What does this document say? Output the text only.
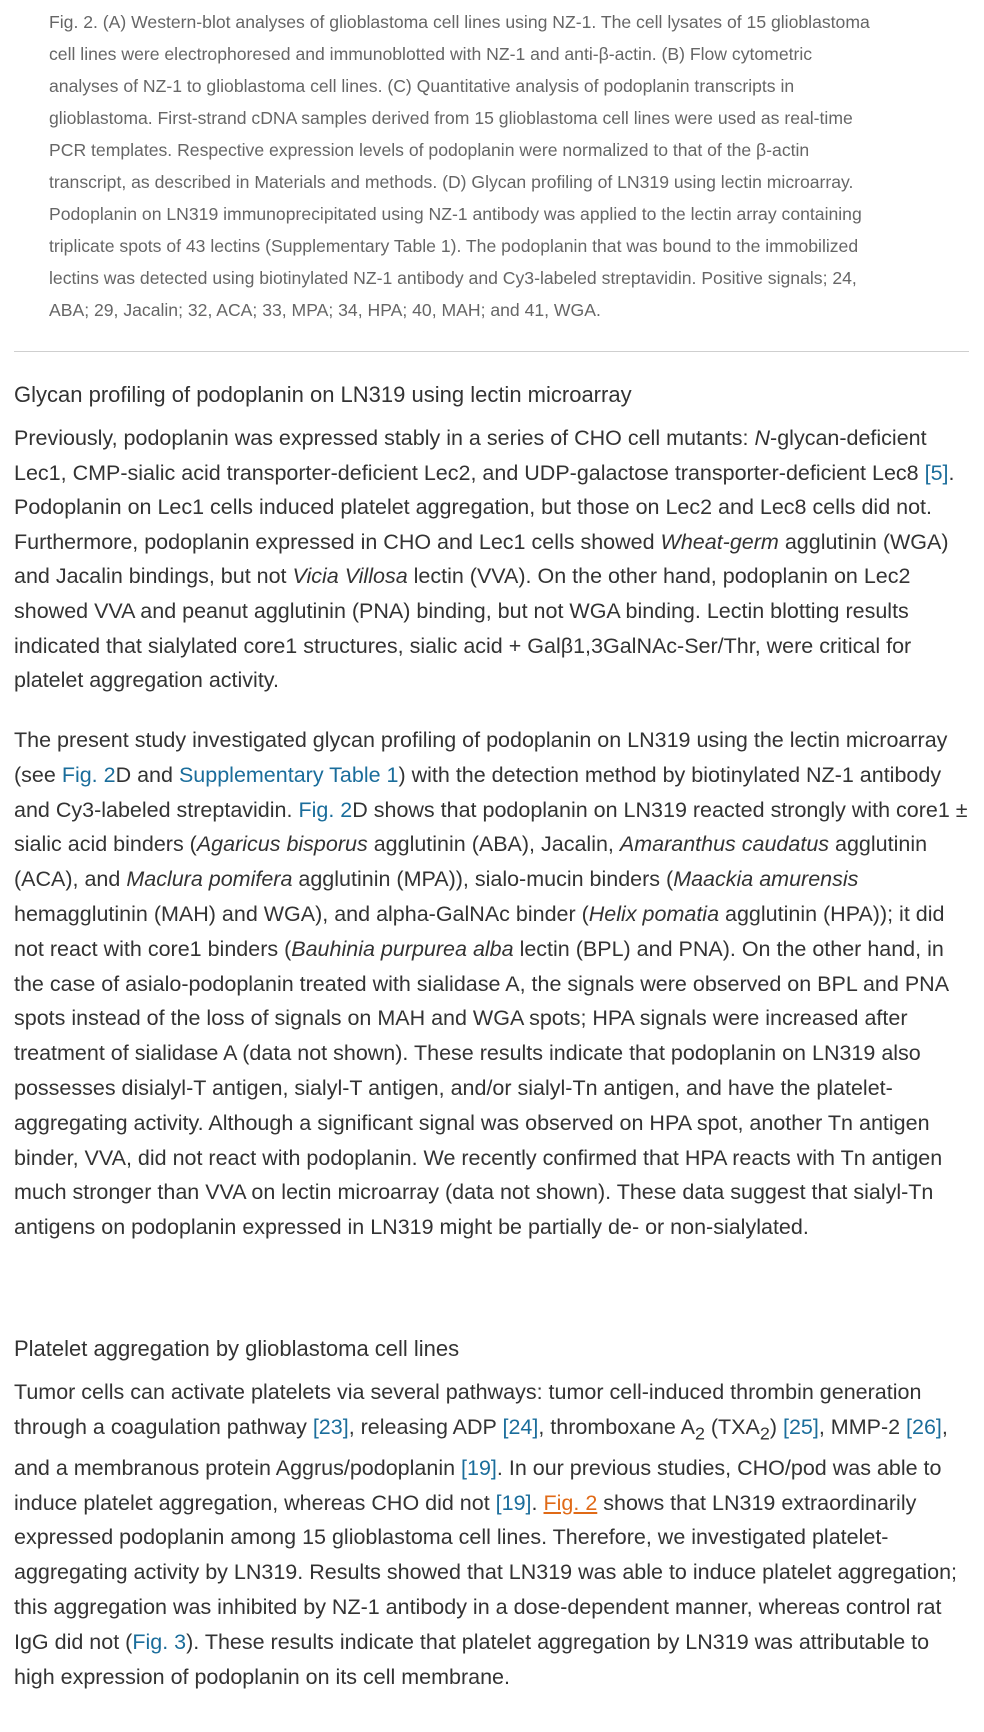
Fig. 2. (A) Western-blot analyses of glioblastoma cell lines using NZ-1. The cell lysates of 15 glioblastoma
cell lines were electrophoresed and immunoblotted with NZ-1 and anti-β-actin. (B) Flow cytometric
analyses of NZ-1 to glioblastoma cell lines. (C) Quantitative analysis of podoplanin transcripts in
glioblastoma. First-strand cDNA samples derived from 15 glioblastoma cell lines were used as real-time
PCR templates. Respective expression levels of podoplanin were normalized to that of the β-actin
transcript, as described in Materials and methods. (D) Glycan profiling of LN319 using lectin microarray.
Podoplanin on LN319 immunoprecipitated using NZ-1 antibody was applied to the lectin array containing
triplicate spots of 43 lectins (Supplementary Table 1). The podoplanin that was bound to the immobilized
lectins was detected using biotinylated NZ-1 antibody and Cy3-labeled streptavidin. Positive signals; 24,
ABA; 29, Jacalin; 32, ACA; 33, MPA; 34, HPA; 40, MAH; and 41, WGA.
Glycan profiling of podoplanin on LN319 using lectin microarray
Previously, podoplanin was expressed stably in a series of CHO cell mutants: N-glycan-deficient Lec1, CMP-sialic acid transporter-deficient Lec2, and UDP-galactose transporter-deficient Lec8 [5]. Podoplanin on Lec1 cells induced platelet aggregation, but those on Lec2 and Lec8 cells did not. Furthermore, podoplanin expressed in CHO and Lec1 cells showed Wheat-germ agglutinin (WGA) and Jacalin bindings, but not Vicia Villosa lectin (VVA). On the other hand, podoplanin on Lec2 showed VVA and peanut agglutinin (PNA) binding, but not WGA binding. Lectin blotting results indicated that sialylated core1 structures, sialic acid + Galβ1,3GalNAc-Ser/Thr, were critical for platelet aggregation activity.
The present study investigated glycan profiling of podoplanin on LN319 using the lectin microarray (see Fig. 2D and Supplementary Table 1) with the detection method by biotinylated NZ-1 antibody and Cy3-labeled streptavidin. Fig. 2D shows that podoplanin on LN319 reacted strongly with core1 ± sialic acid binders (Agaricus bisporus agglutinin (ABA), Jacalin, Amaranthus caudatus agglutinin (ACA), and Maclura pomifera agglutinin (MPA)), sialo-mucin binders (Maackia amurensis hemagglutinin (MAH) and WGA), and alpha-GalNAc binder (Helix pomatia agglutinin (HPA)); it did not react with core1 binders (Bauhinia purpurea alba lectin (BPL) and PNA). On the other hand, in the case of asialo-podoplanin treated with sialidase A, the signals were observed on BPL and PNA spots instead of the loss of signals on MAH and WGA spots; HPA signals were increased after treatment of sialidase A (data not shown). These results indicate that podoplanin on LN319 also possesses disialyl-T antigen, sialyl-T antigen, and/or sialyl-Tn antigen, and have the platelet-aggregating activity. Although a significant signal was observed on HPA spot, another Tn antigen binder, VVA, did not react with podoplanin. We recently confirmed that HPA reacts with Tn antigen much stronger than VVA on lectin microarray (data not shown). These data suggest that sialyl-Tn antigens on podoplanin expressed in LN319 might be partially de- or non-sialylated.
Platelet aggregation by glioblastoma cell lines
Tumor cells can activate platelets via several pathways: tumor cell-induced thrombin generation through a coagulation pathway [23], releasing ADP [24], thromboxane $A_2$ $(TXA_2)$ [25], MMP-2 [26], and a membranous protein Aggrus/podoplanin [19]. In our previous studies, CHO/pod was able to induce platelet aggregation, whereas CHO did not [19]. Fig. 2 shows that LN319 extraordinarily expressed podoplanin among 15 glioblastoma cell lines. Therefore, we investigated platelet-aggregating activity by LN319. Results showed that LN319 was able to induce platelet aggregation; this aggregation was inhibited by NZ-1 antibody in a dose-dependent manner, whereas control rat IgG did not (Fig. 3). These results indicate that platelet aggregation by LN319 was attributable to high expression of podoplanin on its cell membrane.
